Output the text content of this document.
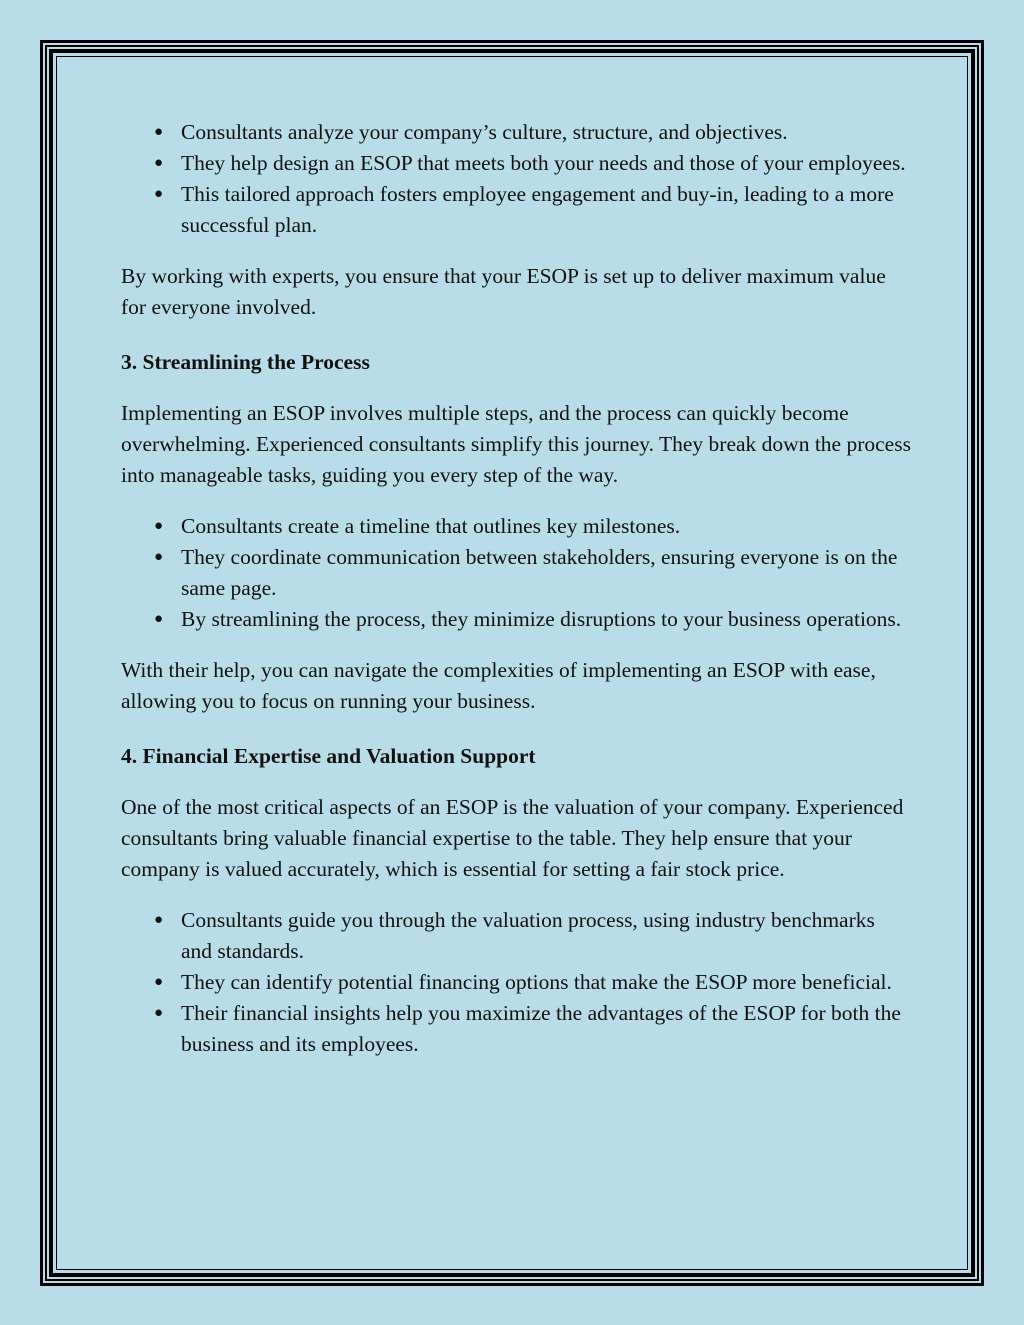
● Consultants analyze your company’s culture, structure, and objectives.
● They help design an ESOP that meets both your needs and those of your employees.
● This tailored approach fosters employee engagement and buy-in, leading to a more successful plan.

By working with experts, you ensure that your ESOP is set up to deliver maximum value for everyone involved.

3. Streamlining the Process

Implementing an ESOP involves multiple steps, and the process can quickly become overwhelming. Experienced consultants simplify this journey. They break down the process into manageable tasks, guiding you every step of the way.

● Consultants create a timeline that outlines key milestones.
● They coordinate communication between stakeholders, ensuring everyone is on the same page.
● By streamlining the process, they minimize disruptions to your business operations.

With their help, you can navigate the complexities of implementing an ESOP with ease, allowing you to focus on running your business.

4. Financial Expertise and Valuation Support

One of the most critical aspects of an ESOP is the valuation of your company. Experienced consultants bring valuable financial expertise to the table. They help ensure that your company is valued accurately, which is essential for setting a fair stock price.

● Consultants guide you through the valuation process, using industry benchmarks and standards.
● They can identify potential financing options that make the ESOP more beneficial.
● Their financial insights help you maximize the advantages of the ESOP for both the business and its employees.
